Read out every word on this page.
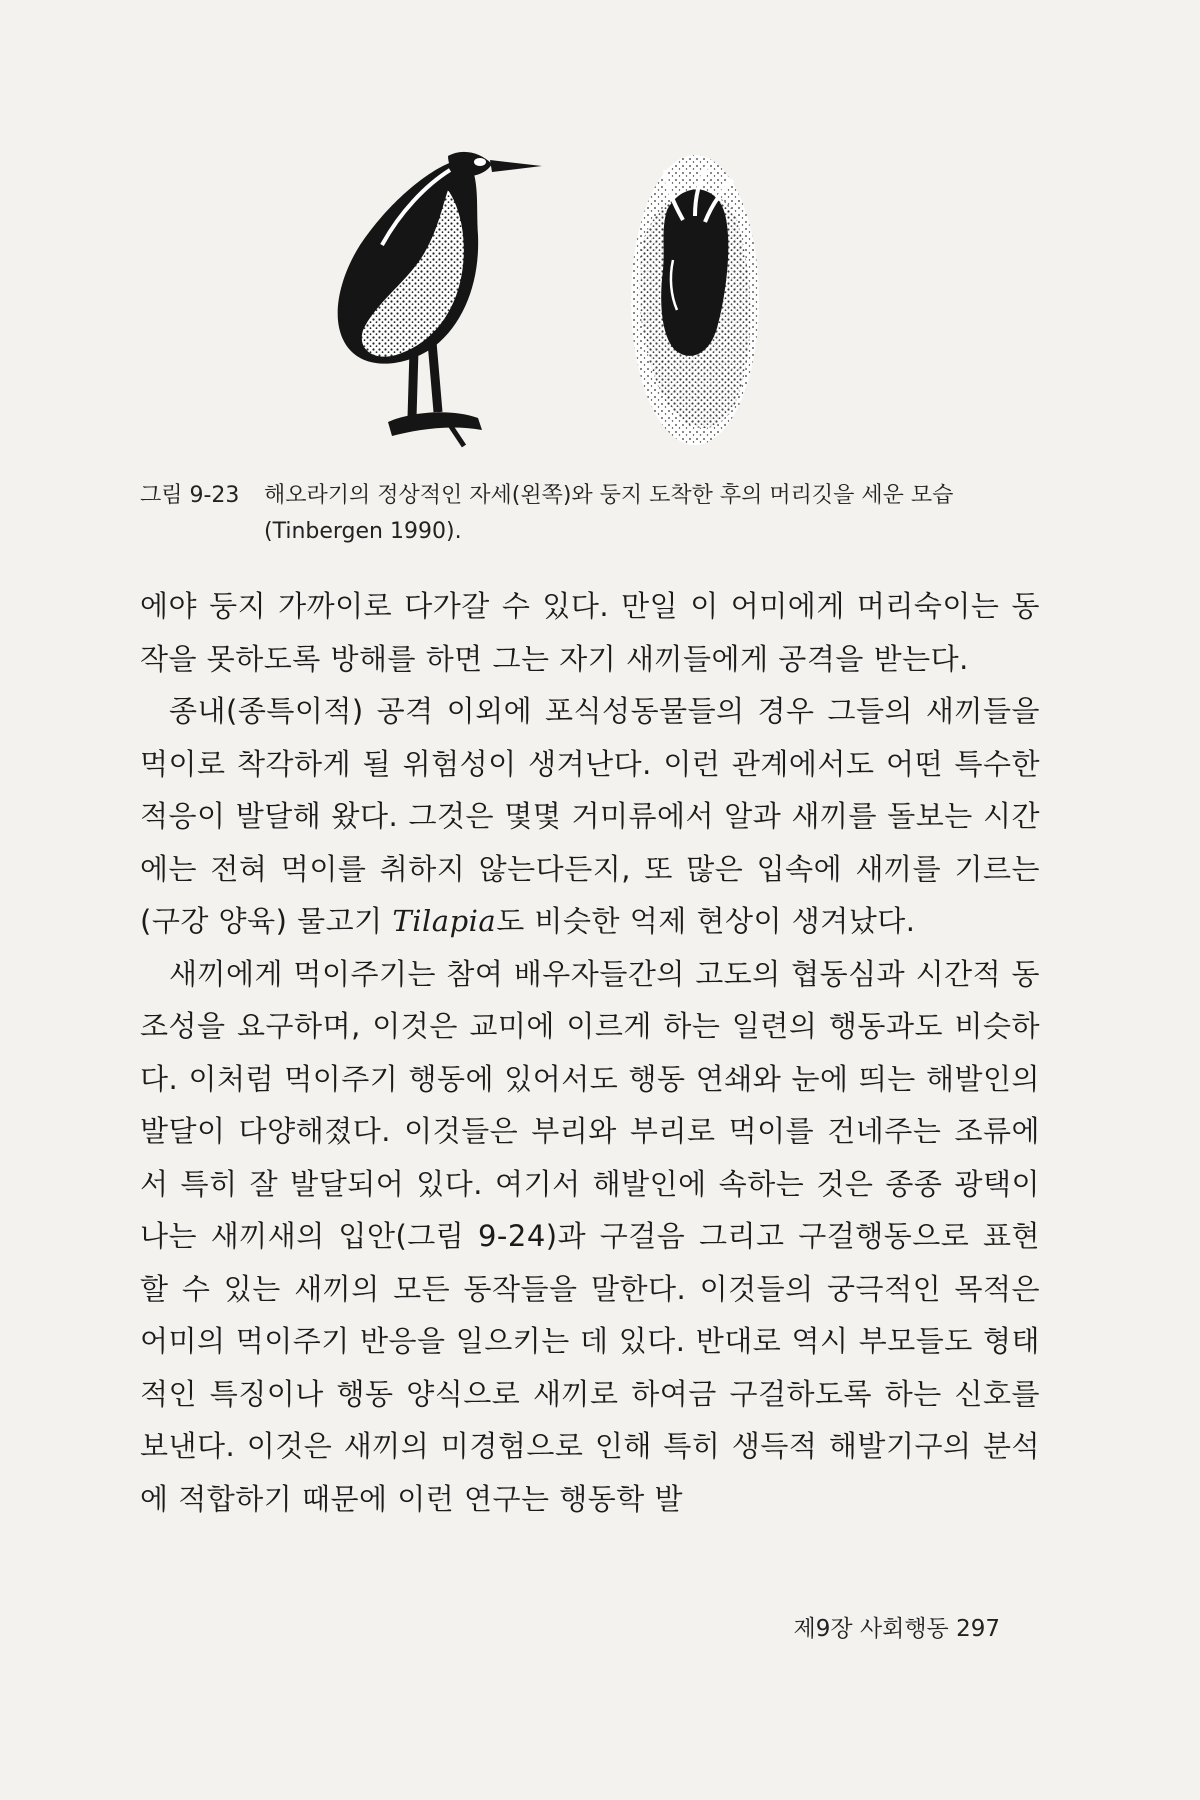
그림 9-23	해오라기의 정상적인 자세(왼쪽)와 둥지 도착한 후의 머리깃을 세운 모습(Tinbergen 1990).

에야 둥지 가까이로 다가갈 수 있다. 만일 이 어미에게 머리숙이는 동작을 못하도록 방해를 하면 그는 자기 새끼들에게 공격을 받는다.

종내(종특이적) 공격 이외에 포식성동물들의 경우 그들의 새끼들을 먹이로 착각하게 될 위험성이 생겨난다. 이런 관계에서도 어떤 특수한 적응이 발달해 왔다. 그것은 몇몇 거미류에서 알과 새끼를 돌보는 시간에는 전혀 먹이를 취하지 않는다든지, 또 많은 입속에 새끼를 기르는(구강 양육) 물고기 Tilapia도 비슷한 억제 현상이 생겨났다.

새끼에게 먹이주기는 참여 배우자들간의 고도의 협동심과 시간적 동조성을 요구하며, 이것은 교미에 이르게 하는 일련의 행동과도 비슷하다. 이처럼 먹이주기 행동에 있어서도 행동 연쇄와 눈에 띄는 해발인의 발달이 다양해졌다. 이것들은 부리와 부리로 먹이를 건네주는 조류에서 특히 잘 발달되어 있다. 여기서 해발인에 속하는 것은 종종 광택이 나는 새끼새의 입안(그림 9-24)과 구걸음 그리고 구걸행동으로 표현할 수 있는 새끼의 모든 동작들을 말한다. 이것들의 궁극적인 목적은 어미의 먹이주기 반응을 일으키는 데 있다. 반대로 역시 부모들도 형태적인 특징이나 행동 양식으로 새끼로 하여금 구걸하도록 하는 신호를 보낸다. 이것은 새끼의 미경험으로 인해 특히 생득적 해발기구의 분석에 적합하기 때문에 이런 연구는 행동학 발

제9장 사회행동 297
